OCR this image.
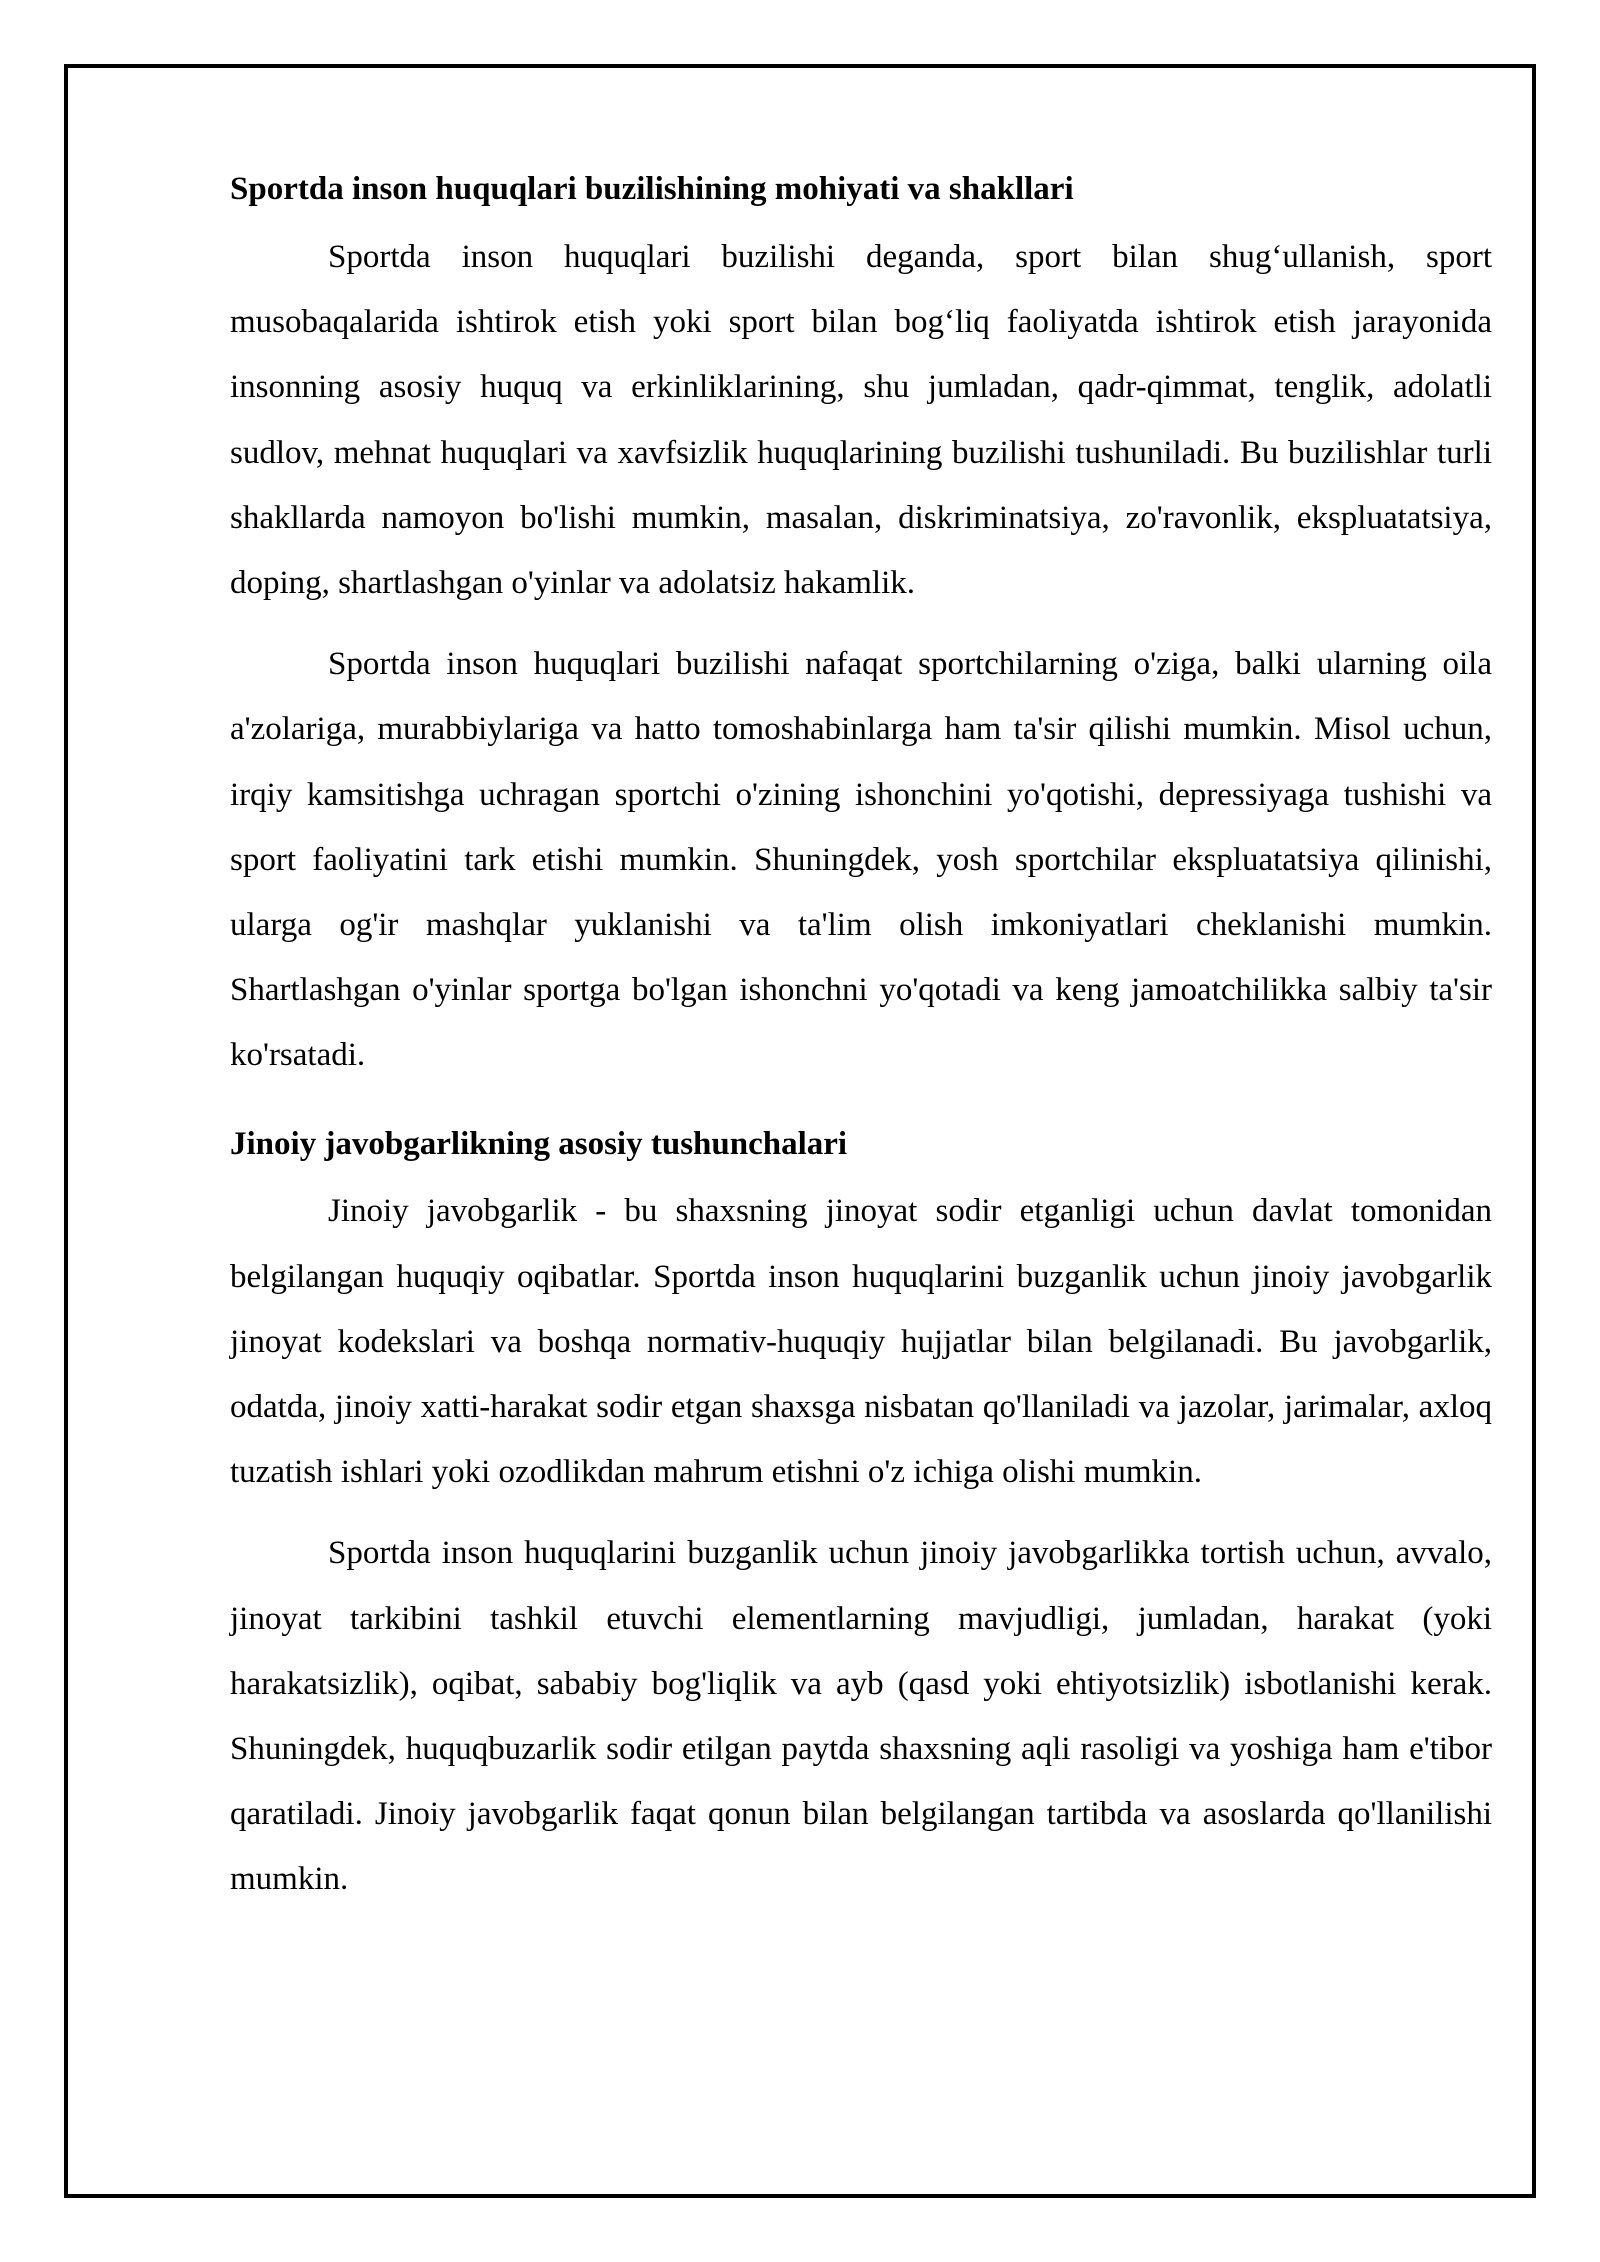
Sportda inson huquqlari buzilishining mohiyati va shakllari

Sportda inson huquqlari buzilishi deganda, sport bilan shug‘ullanish, sport musobaqalarida ishtirok etish yoki sport bilan bog‘liq faoliyatda ishtirok etish jarayonida insonning asosiy huquq va erkinliklarining, shu jumladan, qadr-qimmat, tenglik, adolatli sudlov, mehnat huquqlari va xavfsizlik huquqlarining buzilishi tushuniladi. Bu buzilishlar turli shakllarda namoyon bo'lishi mumkin, masalan, diskriminatsiya, zo'ravonlik, ekspluatatsiya, doping, shartlashgan o'yinlar va adolatsiz hakamlik.

Sportda inson huquqlari buzilishi nafaqat sportchilarning o'ziga, balki ularning oila a'zolariga, murabbiylariga va hatto tomoshabinlarga ham ta'sir qilishi mumkin. Misol uchun, irqiy kamsitishga uchragan sportchi o'zining ishonchini yo'qotishi, depressiyaga tushishi va sport faoliyatini tark etishi mumkin. Shuningdek, yosh sportchilar ekspluatatsiya qilinishi, ularga og'ir mashqlar yuklanishi va ta'lim olish imkoniyatlari cheklanishi mumkin. Shartlashgan o'yinlar sportga bo'lgan ishonchni yo'qotadi va keng jamoatchilikka salbiy ta'sir ko'rsatadi.

Jinoiy javobgarlikning asosiy tushunchalari

Jinoiy javobgarlik - bu shaxsning jinoyat sodir etganligi uchun davlat tomonidan belgilangan huquqiy oqibatlar. Sportda inson huquqlarini buzganlik uchun jinoiy javobgarlik jinoyat kodekslari va boshqa normativ-huquqiy hujjatlar bilan belgilanadi. Bu javobgarlik, odatda, jinoiy xatti-harakat sodir etgan shaxsga nisbatan qo'llaniladi va jazolar, jarimalar, axloq tuzatish ishlari yoki ozodlikdan mahrum etishni o'z ichiga olishi mumkin.

Sportda inson huquqlarini buzganlik uchun jinoiy javobgarlikka tortish uchun, avvalo, jinoyat tarkibini tashkil etuvchi elementlarning mavjudligi, jumladan, harakat (yoki harakatsizlik), oqibat, sababiy bog'liqlik va ayb (qasd yoki ehtiyotsizlik) isbotlanishi kerak. Shuningdek, huquqbuzarlik sodir etilgan paytda shaxsning aqli rasoligi va yoshiga ham e'tibor qaratiladi. Jinoiy javobgarlik faqat qonun bilan belgilangan tartibda va asoslarda qo'llanilishi mumkin.
